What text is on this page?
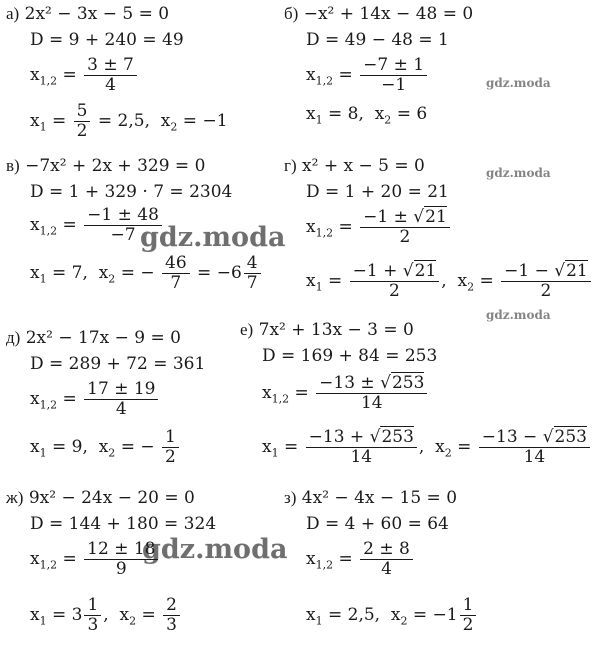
gdz.moda
gdz.moda
gdz.moda
gdz.moda
gdz.moda
а) 2x² − 3x − 5 = 0
D = 9 + 240 = 49
$x_{1,2} = \frac{3 \pm 7}{4}$
$x_1 = \frac{5}{2} = 2,5$, $x_2 = -1$
б) −x² + 14x − 48 = 0
D = 49 − 48 = 1
$x_{1,2} = \frac{-7 \pm 1}{-1}$
$x_1 = 8$, $x_2 = 6$
в) −7x² + 2x + 329 = 0
D = 1 + 329 · 7 = 2304
$x_{1,2} = \frac{-1 \pm 48}{-7}$
$x_1 = 7$, $x_2$ = − $\frac{46}{7} = -6 \frac{4}{7}$
г) x² + x − 5 = 0
D = 1 + 20 = 21
$x_{1,2} = \frac{-1 \pm √21}{2}$
$x_1 = \frac{-1 + √21}{2}$ ,  $x_2 = \frac{-1 - √21}{2}$
д) 2x² − 17x − 9 = 0
D = 289 + 72 = 361
$x_{1,2} = \frac{17 \pm 19}{4}$
$x_1 = 9$, $x_2$ = − $\frac{1}{2}$
е) 7x² + 13x − 3 = 0
D = 169 + 84 = 253
$x_{1,2} = \frac{-13 \pm √253}{14}$
$x_1 = \frac{-13 + √253}{14}$ ,  $x_2 = \frac{-13 - √253}{14}$
ж) 9x² − 24x − 20 = 0
D = 144 + 180 = 324
$x_{1,2} = \frac{12 \pm 18}{9}$
$x_1 = 3 \frac{1}{3}$ ,  $x_2 = \frac{2}{3}$
з) 4x² − 4x − 15 = 0
D = 4 + 60 = 64
$x_{1,2} = \frac{2 \pm 8}{4}$
$x_1 = 2,5$, $x_2 = -1 \frac{1}{2}$
